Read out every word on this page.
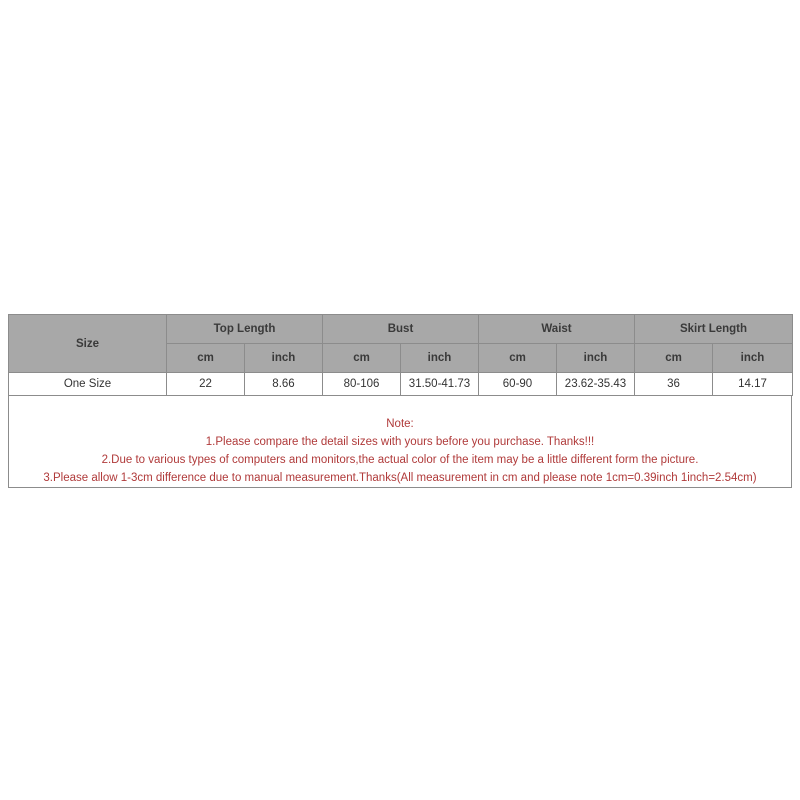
Size	Top Length		Bust		Waist		Skirt Length	
	cm	inch	cm	inch	cm	inch	cm	inch
One Size	22	8.66	80-106	31.50-41.73	60-90	23.62-35.43	36	14.17
Note:
1.Please compare the detail sizes with yours before you purchase. Thanks!!!
2.Due to various types of computers and monitors,the actual color of the item may be a little different form the picture.
3.Please allow 1-3cm difference due to manual measurement.Thanks(All measurement in cm and please note 1cm=0.39inch 1inch=2.54cm)
